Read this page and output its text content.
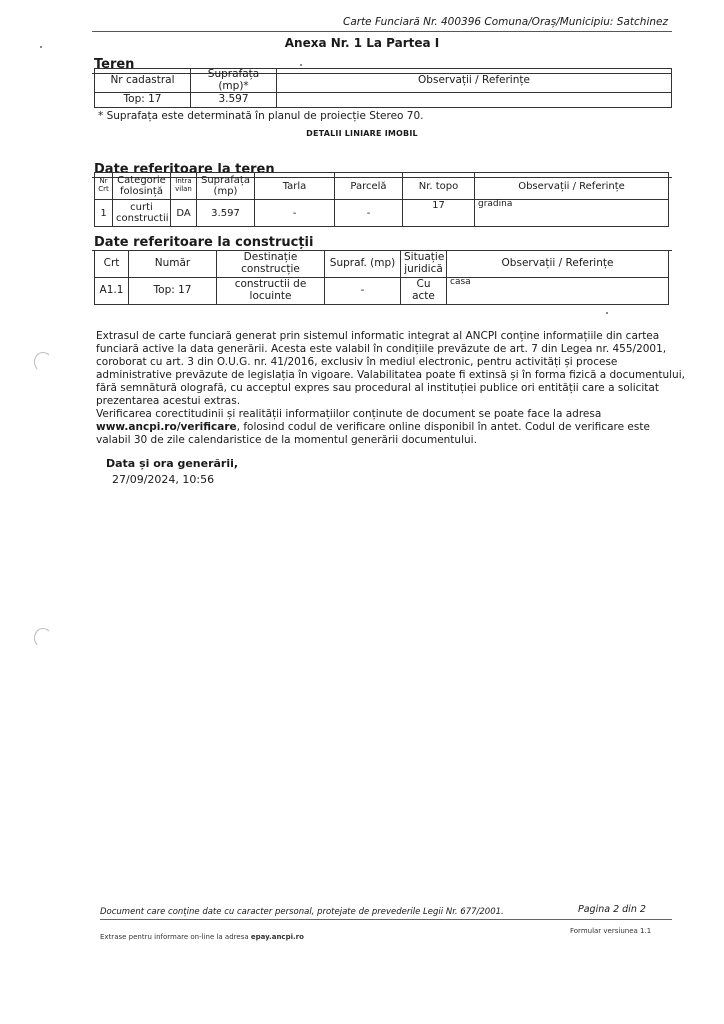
Carte Funciară Nr. 400396 Comuna/Oraș/Municipiu: Satchinez
Anexa Nr. 1 La Partea I
Teren
Nr cadastral	Suprafața (mp)*	Observații / Referințe
Top: 17	3.597	
* Suprafața este determinată în planul de proiecție Stereo 70.
DETALII LINIARE IMOBIL
Date referitoare la teren
Nr Crt	Categorie folosință	Intra vilan	Suprafața (mp)	Tarla	Parcelă	Nr. topo	Observații / Referințe
1	curti constructii	DA	3.597	-	-	17	gradina
Date referitoare la construcții
Crt	Număr	Destinație construcție	Supraf. (mp)	Situație juridică	Observații / Referințe
A1.1	Top: 17	constructii de locuinte	-	Cu acte	casa

Extrasul de carte funciară generat prin sistemul informatic integrat al ANCPI conține informațiile din cartea funciară active la data generării. Acesta este valabil în condițiile prevăzute de art. 7 din Legea nr. 455/2001, coroborat cu art. 3 din O.U.G. nr. 41/2016, exclusiv în mediul electronic, pentru activități și procese administrative prevăzute de legislația în vigoare. Valabilitatea poate fi extinsă și în forma fizică a documentului, fără semnătură olografă, cu acceptul expres sau procedural al instituției publice ori entității care a solicitat prezentarea acestui extras.

Verificarea corectitudinii și realității informațiilor conținute de document se poate face la adresa www.ancpi.ro/verificare, folosind codul de verificare online disponibil în antet. Codul de verificare este valabil 30 de zile calendaristice de la momentul generării documentului.

Data și ora generării,
27/09/2024, 10:56
Document care conține date cu caracter personal, protejate de prevederile Legii Nr. 677/2001.	Pagina 2 din 2
Extrase pentru informare on-line la adresa epay.ancpi.ro
Formular versiunea 1.1
